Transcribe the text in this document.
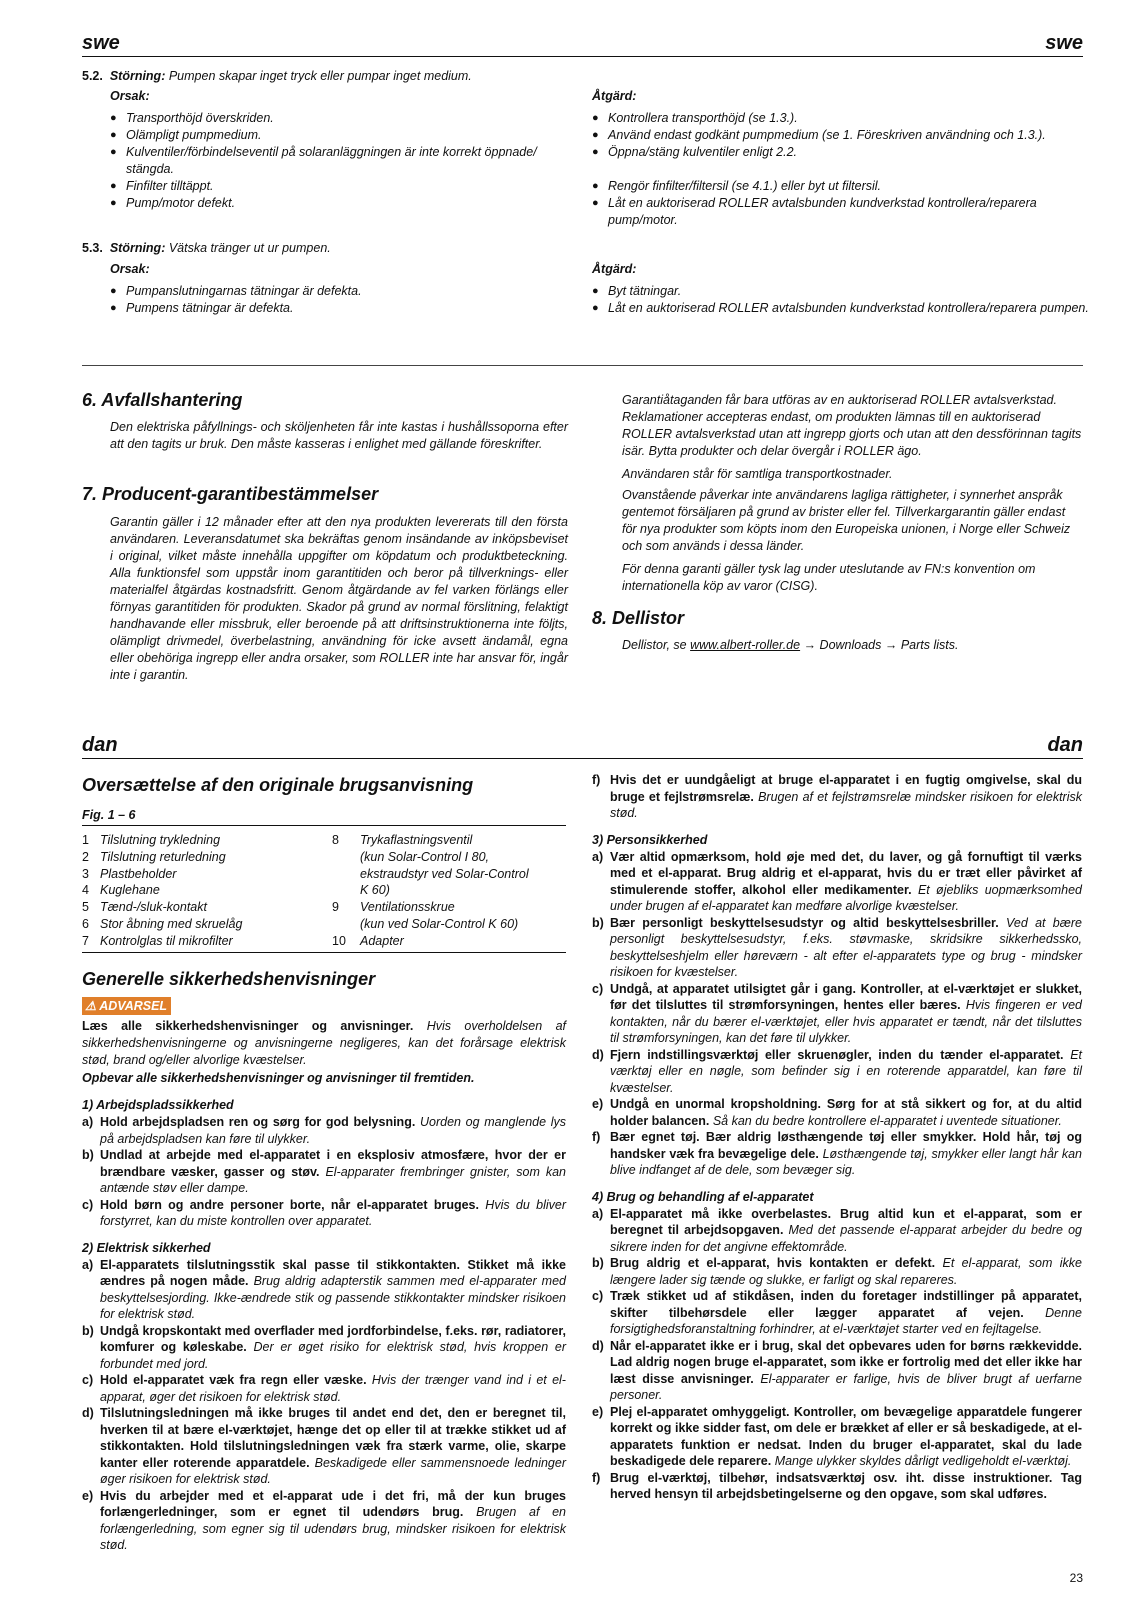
swe	swe
5.2. Störning: Pumpen skapar inget tryck eller pumpar inget medium.
Orsak:
● Transporthöjd överskriden.
● Olämpligt pumpmedium.
● Kulventiler/förbindelseventil på solaranläggningen är inte korrekt öppnade/ stängda.
● Finfilter tilltäppt.
● Pump/motor defekt.
Åtgärd:
● Kontrollera transporthöjd (se 1.3.).
● Använd endast godkänt pumpmedium (se 1. Föreskriven användning och 1.3.).
● Öppna/stäng kulventiler enligt 2.2.
● Rengör finfilter/filtersil (se 4.1.) eller byt ut filtersil.
● Låt en auktoriserad ROLLER avtalsbunden kundverkstad kontrollera/reparera pump/motor.
5.3. Störning: Vätska tränger ut ur pumpen.
Orsak:
● Pumpanslutningarnas tätningar är defekta.
● Pumpens tätningar är defekta.
Åtgärd:
● Byt tätningar.
● Låt en auktoriserad ROLLER avtalsbunden kundverkstad kontrollera/reparera pumpen.
6. Avfallshantering

Den elektriska påfyllnings- och sköljenheten får inte kastas i hushållssoporna efter att den tagits ur bruk. Den måste kasseras i enlighet med gällande föreskrifter.

7. Producent-garantibestämmelser

Garantin gäller i 12 månader efter att den nya produkten levererats till den första användaren. Leveransdatumet ska bekräftas genom insändande av inköpsbeviset i original, vilket måste innehålla uppgifter om köpdatum och produktbeteckning. Alla funktionsfel som uppstår inom garantitiden och beror på tillverknings- eller materialfel åtgärdas kostnadsfritt. Genom åtgärdande av fel varken förlängs eller förnyas garantitiden för produkten. Skador på grund av normal förslitning, felaktigt handhavande eller missbruk, eller beroende på att driftsinstruktionerna inte följts, olämpligt drivmedel, överbelastning, användning för icke avsett ändamål, egna eller obehöriga ingrepp eller andra orsaker, som ROLLER inte har ansvar för, ingår inte i garantin.

Garantiåtaganden får bara utföras av en auktoriserad ROLLER avtalsverkstad. Reklamationer accepteras endast, om produkten lämnas till en auktoriserad ROLLER avtalsverkstad utan att ingrepp gjorts och utan att den dessförinnan tagits isär. Bytta produkter och delar övergår i ROLLER ägo.

Användaren står för samtliga transportkostnader.

Ovanstående påverkar inte användarens lagliga rättigheter, i synnerhet anspråk gentemot försäljaren på grund av brister eller fel. Tillverkargarantin gäller endast för nya produkter som köpts inom den Europeiska unionen, i Norge eller Schweiz och som används i dessa länder.

För denna garanti gäller tysk lag under uteslutande av FN:s konvention om internationella köp av varor (CISG).

8. Dellistor

Dellistor, se www.albert-roller.de → Downloads → Parts lists.

dan	dan
Oversættelse af den originale brugsanvisning
Fig. 1 – 6
1 Tilslutning trykledning
2 Tilslutning returledning
3 Plastbeholder
4 Kuglehane
5 Tænd-/sluk-kontakt
6 Stor åbning med skruelåg
7 Kontrolglas til mikrofilter
8 Trykaflastningsventil
(kun Solar-Control I 80,
ekstraudstyr ved Solar-Control
K 60)
9 Ventilationsskrue
(kun ved Solar-Control K 60)
10 Adapter
Generelle sikkerhedshenvisninger
⚠ ADVARSEL

Læs alle sikkerhedshenvisninger og anvisninger. Hvis overholdelsen af sikkerhedshenvisningerne og anvisningerne negligeres, kan det forårsage elektrisk stød, brand og/eller alvorlige kvæstelser.

Opbevar alle sikkerhedshenvisninger og anvisninger til fremtiden.

1) Arbejdspladssikkerhed

a) Hold arbejdspladsen ren og sørg for god belysning. Uorden og manglende lys på arbejdspladsen kan føre til ulykker.

b) Undlad at arbejde med el-apparatet i en eksplosiv atmosfære, hvor der er brændbare væsker, gasser og støv. El-apparater frembringer gnister, som kan antænde støv eller dampe.

c) Hold børn og andre personer borte, når el-apparatet bruges. Hvis du bliver forstyrret, kan du miste kontrollen over apparatet.

2) Elektrisk sikkerhed

a) El-apparatets tilslutningsstik skal passe til stikkontakten. Stikket må ikke ændres på nogen måde. Brug aldrig adapterstik sammen med el-apparater med beskyttelsesjording. Ikke-ændrede stik og passende stikkontakter mindsker risikoen for elektrisk stød.

b) Undgå kropskontakt med overflader med jordforbindelse, f.eks. rør, radiatorer, komfurer og køleskabe. Der er øget risiko for elektrisk stød, hvis kroppen er forbundet med jord.

c) Hold el-apparatet væk fra regn eller væske. Hvis der trænger vand ind i et el-apparat, øger det risikoen for elektrisk stød.

d) Tilslutningsledningen må ikke bruges til andet end det, den er beregnet til, hverken til at bære el-værktøjet, hænge det op eller til at trække stikket ud af stikkontakten. Hold tilslutningsledningen væk fra stærk varme, olie, skarpe kanter eller roterende apparatdele. Beskadigede eller sammensnoede ledninger øger risikoen for elektrisk stød.

e) Hvis du arbejder med et el-apparat ude i det fri, må der kun bruges forlængerledninger, som er egnet til udendørs brug. Brugen af en forlængerledning, som egner sig til udendørs brug, mindsker risikoen for elektrisk stød.

f) Hvis det er uundgåeligt at bruge el-apparatet i en fugtig omgivelse, skal du bruge et fejlstrømsrelæ. Brugen af et fejlstrømsrelæ mindsker risikoen for elektrisk stød.

3) Personsikkerhed

a) Vær altid opmærksom, hold øje med det, du laver, og gå fornuftigt til værks med et el-apparat. Brug aldrig et el-apparat, hvis du er træt eller påvirket af stimulerende stoffer, alkohol eller medikamenter. Et øjebliks uopmærksomhed under brugen af el-apparatet kan medføre alvorlige kvæstelser.

b) Bær personligt beskyttelsesudstyr og altid beskyttelsesbriller. Ved at bære personligt beskyttelsesudstyr, f.eks. støvmaske, skridsikre sikkerhedssko, beskyttelseshjelm eller høreværn - alt efter el-apparatets type og brug - mindsker risikoen for kvæstelser.

c) Undgå, at apparatet utilsigtet går i gang. Kontroller, at el-værktøjet er slukket, før det tilsluttes til strømforsyningen, hentes eller bæres. Hvis fingeren er ved kontakten, når du bærer el-værktøjet, eller hvis apparatet er tændt, når det tilsluttes til strømforsyningen, kan det føre til ulykker.

d) Fjern indstillingsværktøj eller skruenøgler, inden du tænder el-apparatet. Et værktøj eller en nøgle, som befinder sig i en roterende apparatdel, kan føre til kvæstelser.

e) Undgå en unormal kropsholdning. Sørg for at stå sikkert og for, at du altid holder balancen. Så kan du bedre kontrollere el-apparatet i uventede situationer.

f) Bær egnet tøj. Bær aldrig løsthængende tøj eller smykker. Hold hår, tøj og handsker væk fra bevægelige dele. Løsthængende tøj, smykker eller langt hår kan blive indfanget af de dele, som bevæger sig.

4) Brug og behandling af el-apparatet

a) El-apparatet må ikke overbelastes. Brug altid kun et el-apparat, som er beregnet til arbejdsopgaven. Med det passende el-apparat arbejder du bedre og sikrere inden for det angivne effektområde.

b) Brug aldrig et el-apparat, hvis kontakten er defekt. Et el-apparat, som ikke længere lader sig tænde og slukke, er farligt og skal repareres.

c) Træk stikket ud af stikdåsen, inden du foretager indstillinger på apparatet, skifter tilbehørsdele eller lægger apparatet af vejen. Denne forsigtighedsforanstaltning forhindrer, at el-værktøjet starter ved en fejltagelse.

d) Når el-apparatet ikke er i brug, skal det opbevares uden for børns rækkevidde. Lad aldrig nogen bruge el-apparatet, som ikke er fortrolig med det eller ikke har læst disse anvisninger. El-apparater er farlige, hvis de bliver brugt af uerfarne personer.

e) Plej el-apparatet omhyggeligt. Kontroller, om bevægelige apparatdele fungerer korrekt og ikke sidder fast, om dele er brækket af eller er så beskadigede, at el-apparatets funktion er nedsat. Inden du bruger el-apparatet, skal du lade beskadigede dele reparere. Mange ulykker skyldes dårligt vedligeholdt el-værktøj.

f) Brug el-værktøj, tilbehør, indsatsværktøj osv. iht. disse instruktioner. Tag herved hensyn til arbejdsbetingelserne og den opgave, som skal udføres.

23
